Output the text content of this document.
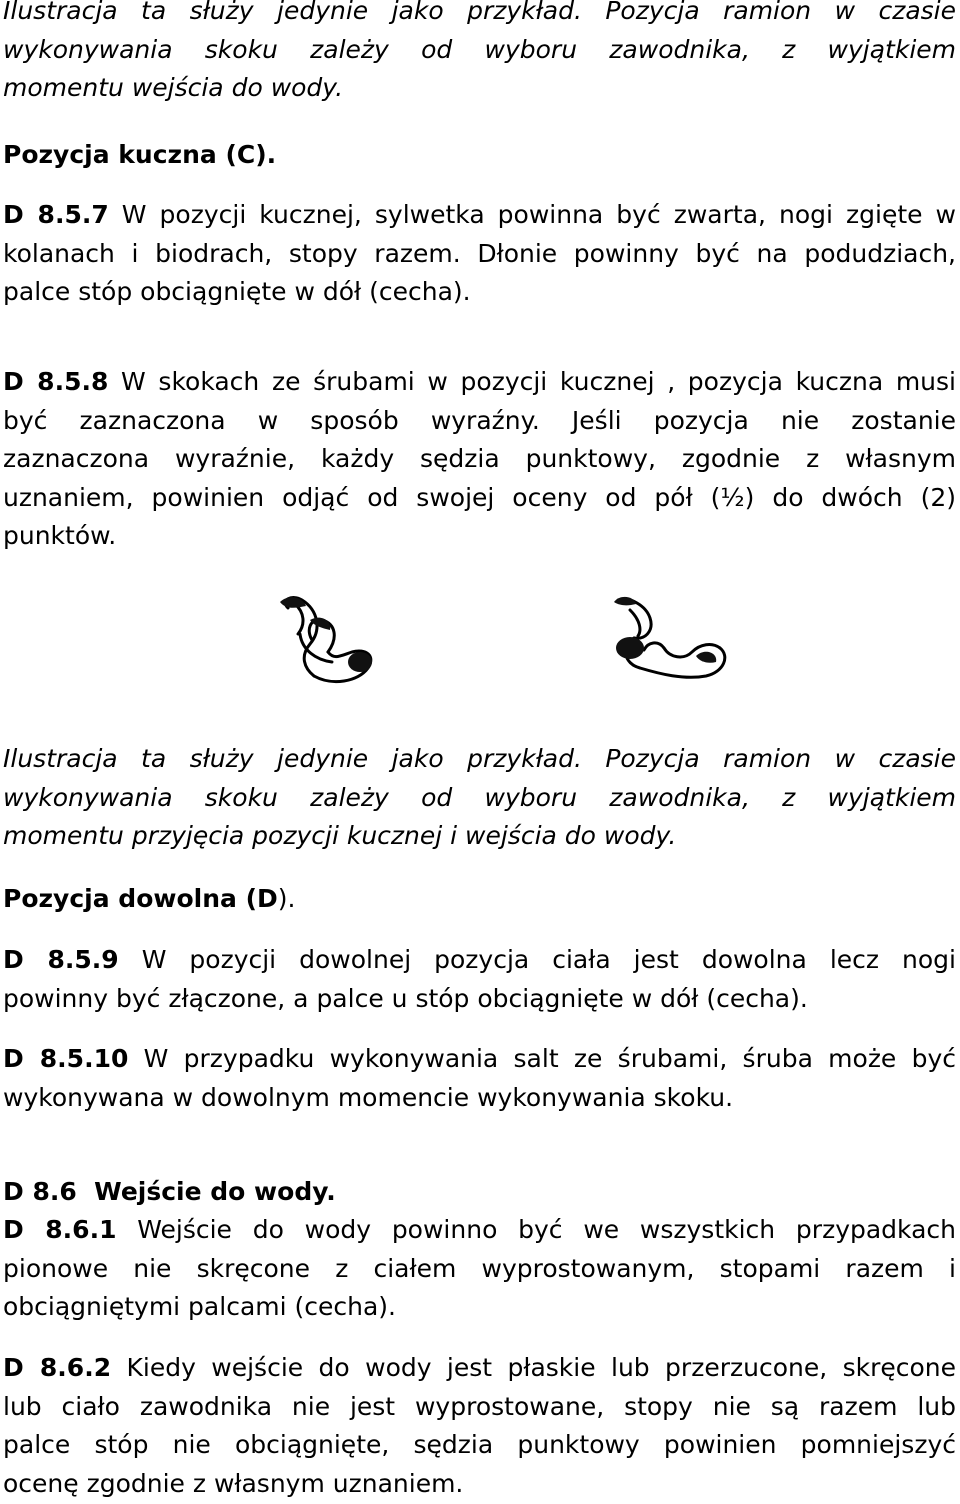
Ilustracja ta służy jedynie jako przykład. Pozycja ramion w czasie
wykonywania skoku zależy od wyboru zawodnika, z wyjątkiem
momentu wejścia do wody.
Pozycja kuczna (C).
D 8.5.7 W pozycji kucznej, sylwetka powinna być zwarta, nogi zgięte w
kolanach i biodrach, stopy razem. Dłonie powinny być na podudziach,
palce stóp obciągnięte w dół (cecha).
D 8.5.8 W skokach ze śrubami w pozycji kucznej , pozycja kuczna musi
być zaznaczona w sposób wyraźny. Jeśli pozycja nie zostanie
zaznaczona wyraźnie, każdy sędzia punktowy, zgodnie z własnym
uznaniem, powinien odjąć od swojej oceny od pół (½) do dwóch (2)
punktów.
Ilustracja ta służy jedynie jako przykład. Pozycja ramion w czasie
wykonywania skoku zależy od wyboru zawodnika, z wyjątkiem
momentu przyjęcia pozycji kucznej i wejścia do wody.
Pozycja dowolna (D).
D 8.5.9 W pozycji dowolnej pozycja ciała jest dowolna lecz nogi
powinny być złączone, a palce u stóp obciągnięte w dół (cecha).
D 8.5.10 W przypadku wykonywania salt ze śrubami, śruba może być
wykonywana w dowolnym momencie wykonywania skoku.
D 8.6  Wejście do wody.
D 8.6.1 Wejście do wody powinno być we wszystkich przypadkach
pionowe nie skręcone z ciałem wyprostowanym, stopami razem i
obciągniętymi palcami (cecha).
D 8.6.2 Kiedy wejście do wody jest płaskie lub przerzucone, skręcone
lub ciało zawodnika nie jest wyprostowane, stopy nie są razem lub
palce stóp nie obciągnięte, sędzia punktowy powinien pomniejszyć
ocenę zgodnie z własnym uznaniem.
